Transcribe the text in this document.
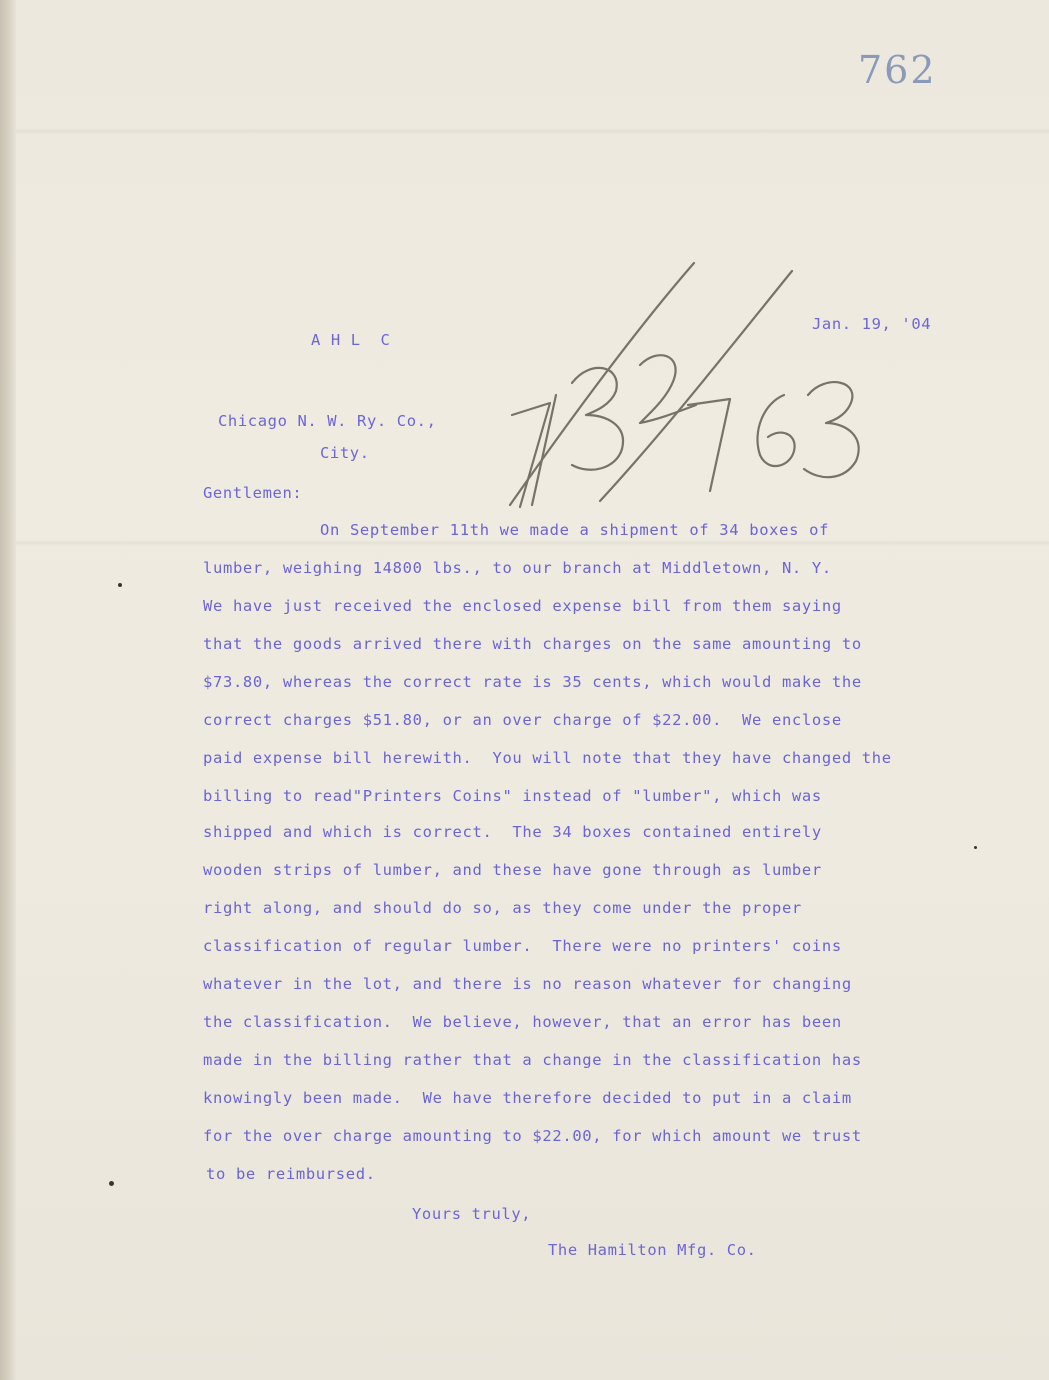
762
A H L  C
Jan. 19, '04
Chicago N. W. Ry. Co.,
City.
Gentlemen:
On September 11th we made a shipment of 34 boxes of
lumber, weighing 14800 lbs., to our branch at Middletown, N. Y.
We have just received the enclosed expense bill from them saying
that the goods arrived there with charges on the same amounting to
$73.80, whereas the correct rate is 35 cents, which would make the
correct charges $51.80, or an over charge of $22.00.  We enclose
paid expense bill herewith.  You will note that they have changed the
billing to read"Printers Coins" instead of "lumber", which was
shipped and which is correct.  The 34 boxes contained entirely
wooden strips of lumber, and these have gone through as lumber
right along, and should do so, as they come under the proper
classification of regular lumber.  There were no printers' coins
whatever in the lot, and there is no reason whatever for changing
the classification.  We believe, however, that an error has been
made in the billing rather that a change in the classification has
knowingly been made.  We have therefore decided to put in a claim
for the over charge amounting to $22.00, for which amount we trust
to be reimbursed.
Yours truly,
The Hamilton Mfg. Co.
